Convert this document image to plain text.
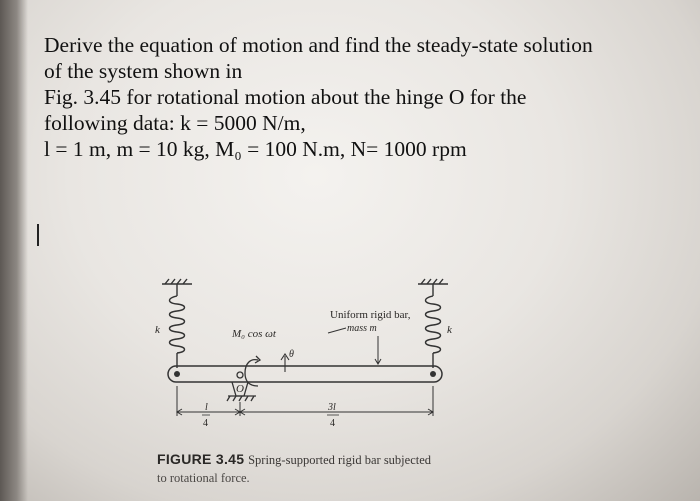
Derive the equation of motion and find the steady-state solution
of the system shown in
Fig. 3.45 for rotational motion about the hinge O for the
following data: k = 5000 N/m,
l = 1 m, m = 10 kg, M₀ = 100 N.m, N= 1000 rpm
O
M₀ cos ωt
θ
Uniform rigid bar,
mass m
k	k
l
4
3l
4
FIGURE 3.45 Spring-supported rigid bar subjected
to rotational force.
